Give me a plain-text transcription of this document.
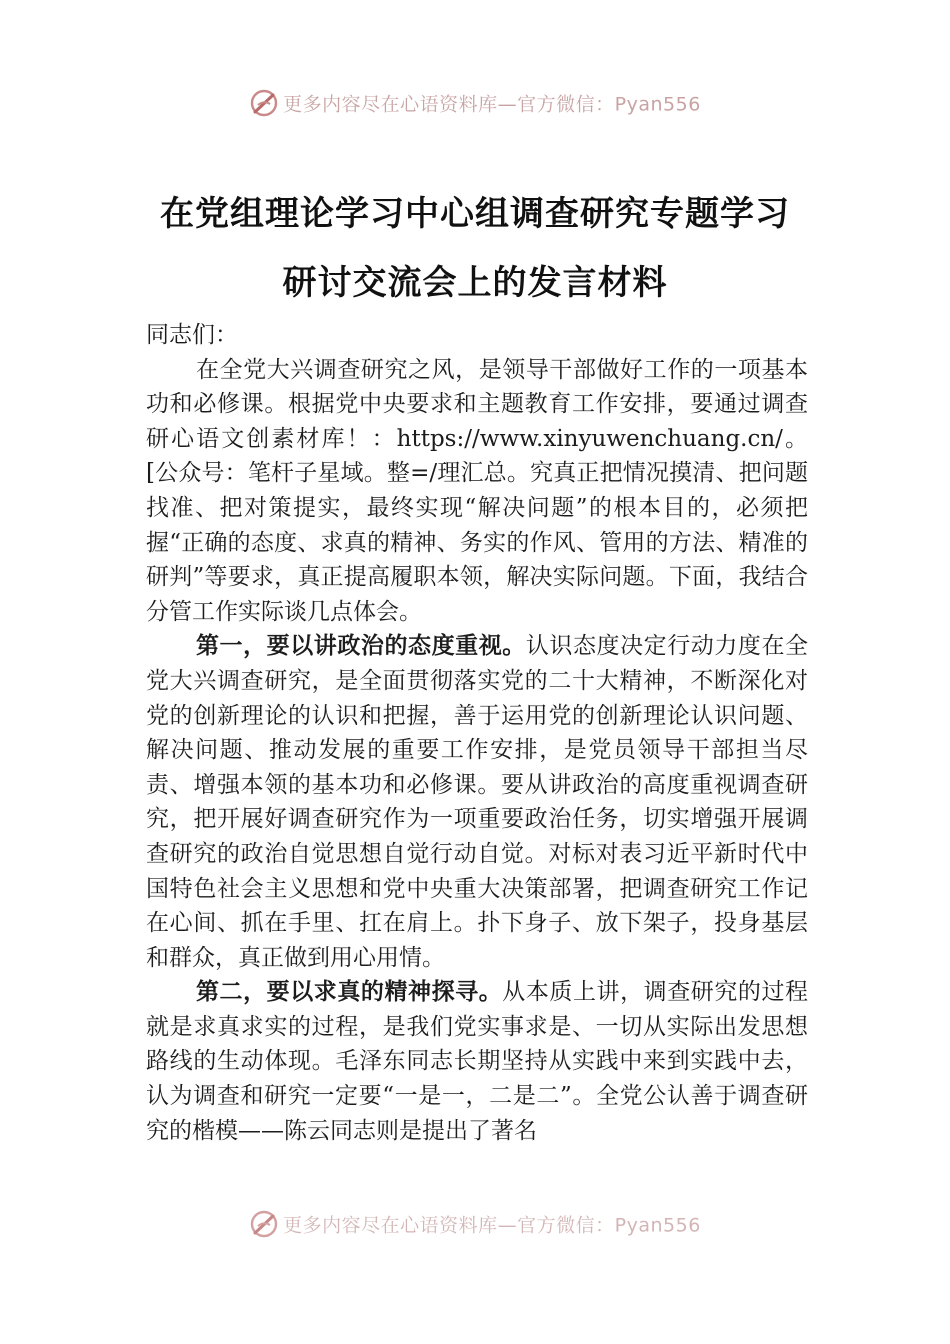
更多内容尽在心语资料库—官方微信：Pyan556
在党组理论学习中心组调查研究专题学习
研讨交流会上的发言材料

同志们：

在全党大兴调查研究之风，是领导干部做好工作的一项基本功和必修课。根据党中央要求和主题教育工作安排，要通过调查研心语文创素材库！：https://www.xinyuwenchuang.cn/。[公众号：笔杆子星域。整=/理汇总。究真正把情况摸清、把问题找准、把对策提实，最终实现“解决问题”的根本目的，必须把握“正确的态度、求真的精神、务实的作风、管用的方法、精准的研判”等要求，真正提高履职本领，解决实际问题。下面，我结合分管工作实际谈几点体会。

第一，要以讲政治的态度重视。认识态度决定行动力度在全党大兴调查研究，是全面贯彻落实党的二十大精神，不断深化对党的创新理论的认识和把握，善于运用党的创新理论认识问题、解决问题、推动发展的重要工作安排，是党员领导干部担当尽责、增强本领的基本功和必修课。要从讲政治的高度重视调查研究，把开展好调查研究作为一项重要政治任务，切实增强开展调查研究的政治自觉思想自觉行动自觉。对标对表习近平新时代中国特色社会主义思想和党中央重大决策部署，把调查研究工作记在心间、抓在手里、扛在肩上。扑下身子、放下架子，投身基层和群众，真正做到用心用情。

第二，要以求真的精神探寻。从本质上讲，调查研究的过程就是求真求实的过程，是我们党实事求是、一切从实际出发思想路线的生动体现。毛泽东同志长期坚持从实践中来到实践中去，认为调查和研究一定要“一是一，二是二”。全党公认善于调查研究的楷模——陈云同志则是提出了著名

更多内容尽在心语资料库—官方微信：Pyan556
